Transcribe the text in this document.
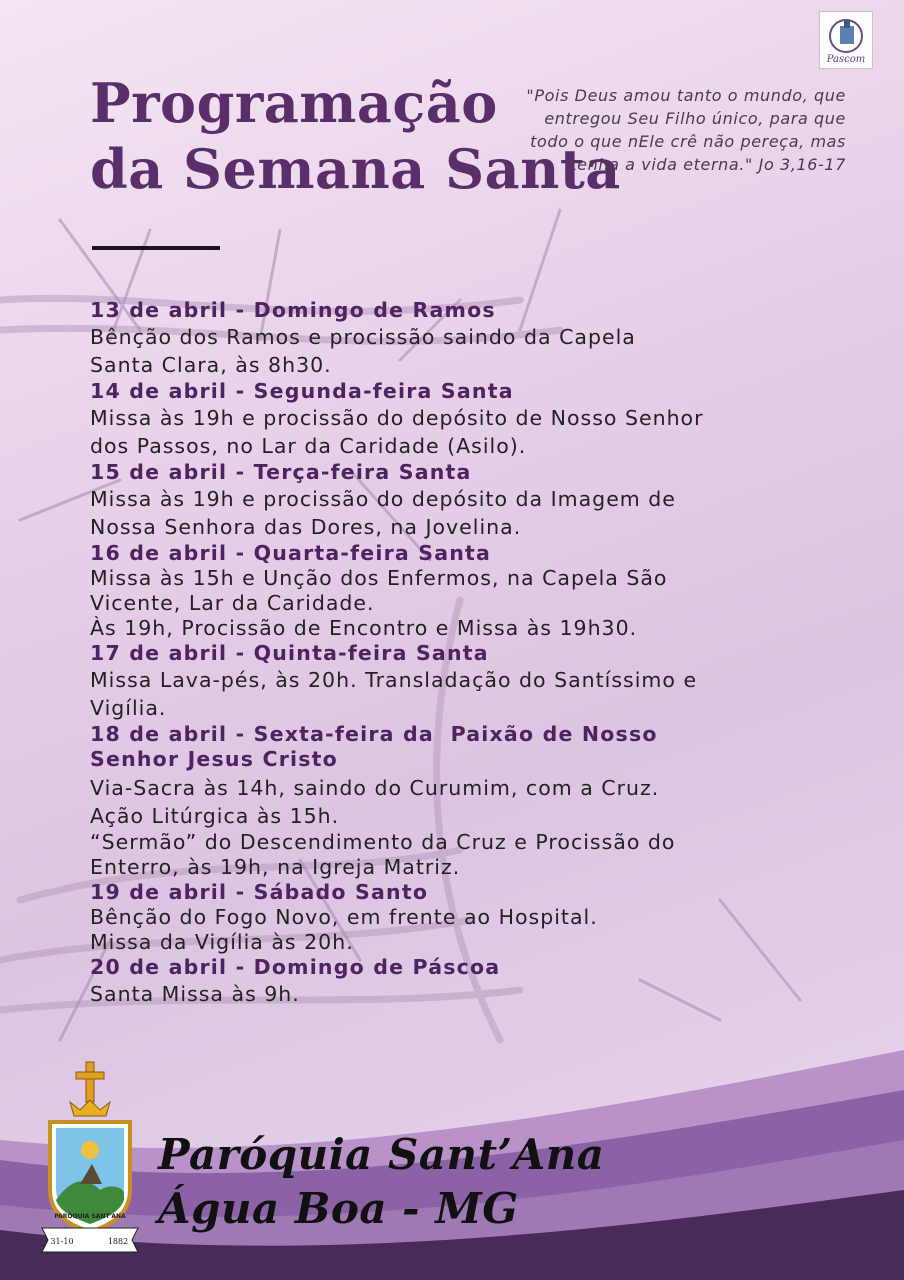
Pascom
Programação
da Semana Santa
"Pois Deus amou tanto o mundo, que entregou Seu Filho único, para que todo o que nEle crê não pereça, mas tenha a vida eterna." Jo 3,16-17
13 de abril - Domingo de Ramos
Bênção dos Ramos e procissão saindo da Capela
Santa Clara, às 8h30.
14 de abril - Segunda-feira Santa
Missa às 19h e procissão do depósito de Nosso Senhor
dos Passos, no Lar da Caridade (Asilo).
15 de abril - Terça-feira Santa
Missa às 19h e procissão do depósito da Imagem de
Nossa Senhora das Dores, na Jovelina.
16 de abril - Quarta-feira Santa
Missa às 15h e Unção dos Enfermos, na Capela São
Vicente, Lar da Caridade.
Às 19h, Procissão de Encontro e Missa às 19h30.
17 de abril - Quinta-feira Santa
Missa Lava-pés, às 20h. Transladação do Santíssimo e
Vigília.
18 de abril - Sexta-feira da  Paixão de Nosso
Senhor Jesus Cristo
Via-Sacra às 14h, saindo do Curumim, com a Cruz.
Ação Litúrgica às 15h.
“Sermão” do Descendimento da Cruz e Procissão do
Enterro, às 19h, na Igreja Matriz.
19 de abril - Sábado Santo
Bênção do Fogo Novo, em frente ao Hospital.
Missa da Vigília às 20h.
20 de abril - Domingo de Páscoa
Santa Missa às 9h.
PARÓQUIA SANT'ANA
31-10	1882
Paróquia Sant’Ana
Água Boa - MG
